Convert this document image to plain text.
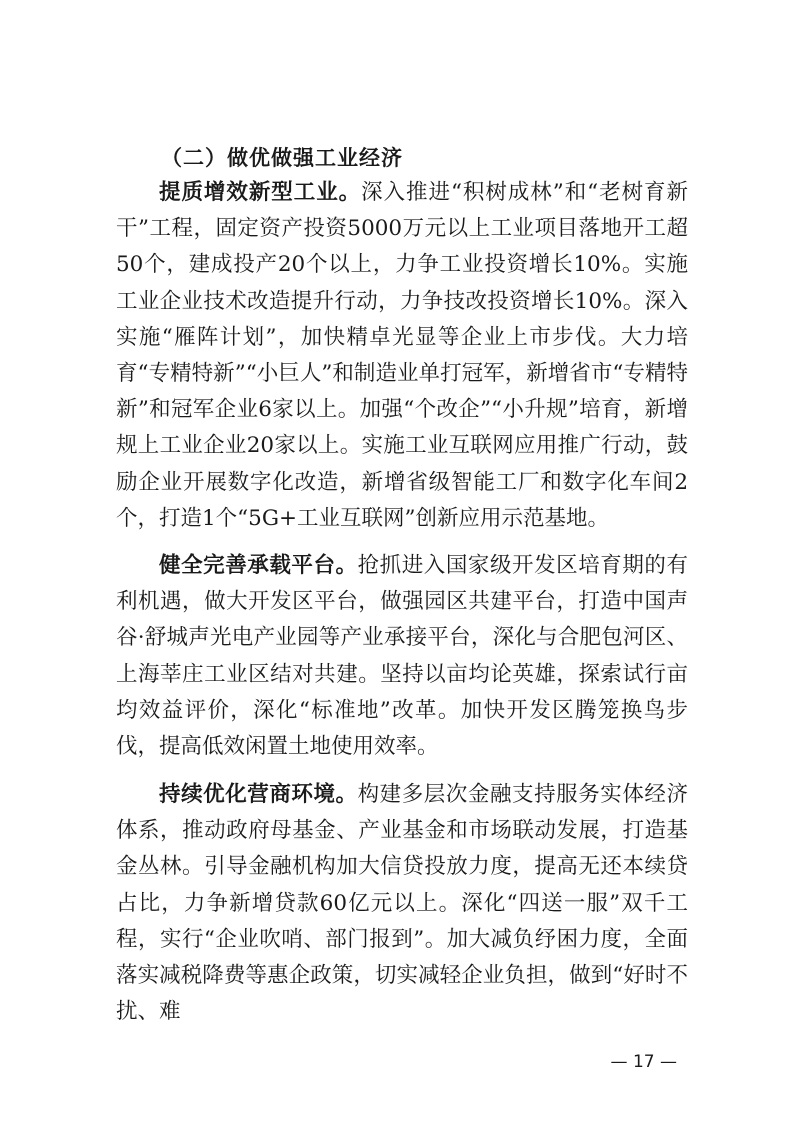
（二）做优做强工业经济

提质增效新型工业。深入推进“积树成林”和“老树育新干”工程，固定资产投资5000万元以上工业项目落地开工超50个，建成投产20个以上，力争工业投资增长10%。实施工业企业技术改造提升行动，力争技改投资增长10%。深入实施“雁阵计划”，加快精卓光显等企业上市步伐。大力培育“专精特新”“小巨人”和制造业单打冠军，新增省市“专精特新”和冠军企业6家以上。加强“个改企”“小升规”培育，新增规上工业企业20家以上。实施工业互联网应用推广行动，鼓励企业开展数字化改造，新增省级智能工厂和数字化车间2个，打造1个“5G+工业互联网”创新应用示范基地。

健全完善承载平台。抢抓进入国家级开发区培育期的有利机遇，做大开发区平台，做强园区共建平台，打造中国声谷·舒城声光电产业园等产业承接平台，深化与合肥包河区、上海莘庄工业区结对共建。坚持以亩均论英雄，探索试行亩均效益评价，深化“标准地”改革。加快开发区腾笼换鸟步伐，提高低效闲置土地使用效率。

持续优化营商环境。构建多层次金融支持服务实体经济体系，推动政府母基金、产业基金和市场联动发展，打造基金丛林。引导金融机构加大信贷投放力度，提高无还本续贷占比，力争新增贷款60亿元以上。深化“四送一服”双千工程，实行“企业吹哨、部门报到”。加大减负纾困力度，全面落实减税降费等惠企政策，切实减轻企业负担，做到“好时不扰、难

— 17 —
